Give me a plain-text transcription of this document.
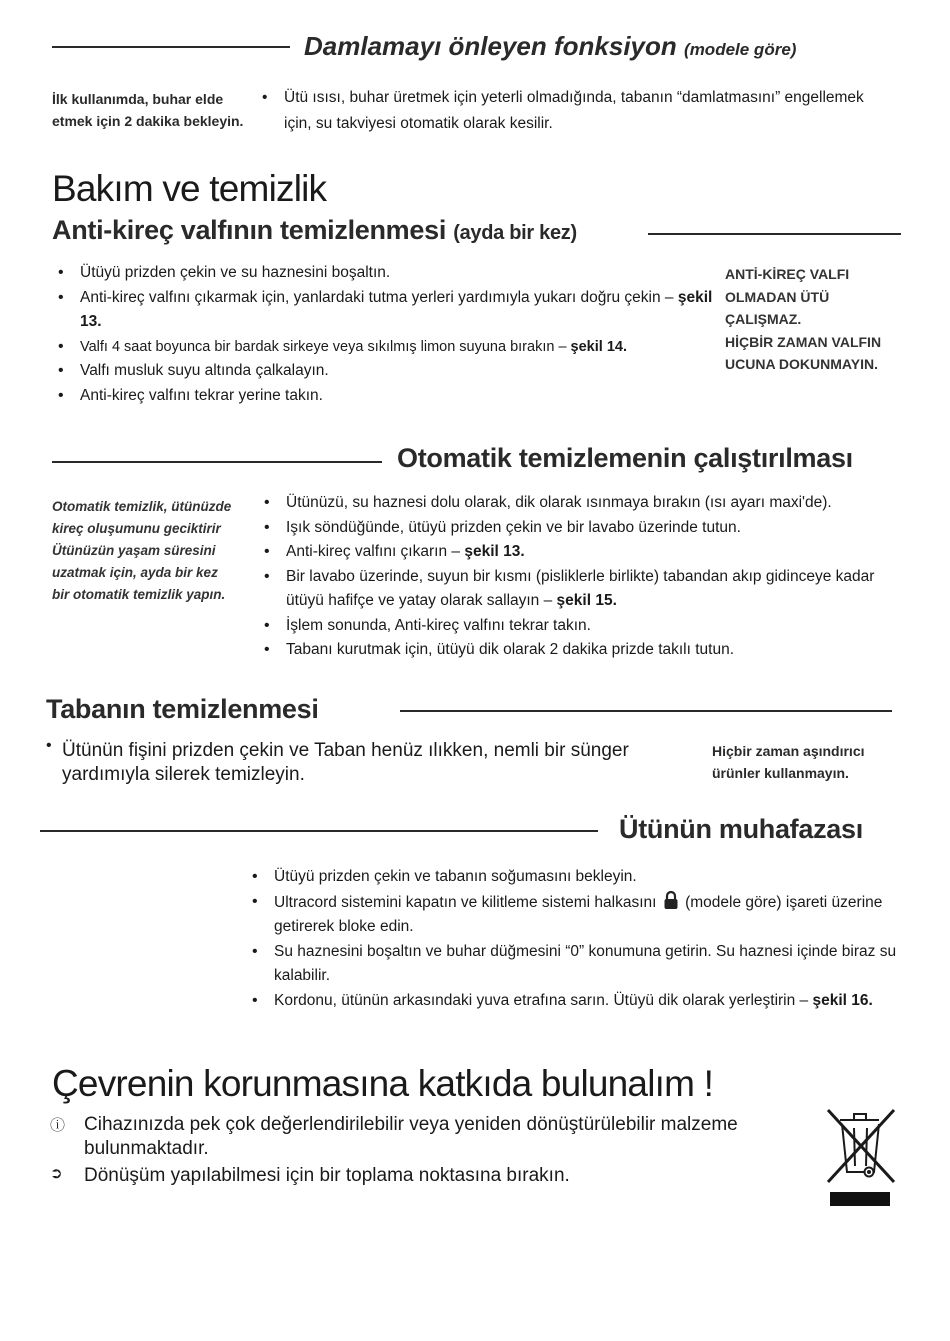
Damlamayı önleyen fonksiyon (modele göre)
İlk kullanımda, buhar elde
etmek için 2 dakika bekleyin.
• Ütü ısısı, buhar üretmek için yeterli olmadığında, tabanın “damlatmasını” engellemek
için, su takviyesi otomatik olarak kesilir.
Bakım ve temizlik
Anti-kireç valfının temizlenmesi (ayda bir kez)
• Ütüyü prizden çekin ve su haznesini boşaltın.
• Anti-kireç valfını çıkarmak için, yanlardaki tutma yerleri yardımıyla yukarı doğru çekin – şekil 13.
• Valfı 4 saat boyunca bir bardak sirkeye veya sıkılmış limon suyuna bırakın – şekil 14.
• Valfı musluk suyu altında çalkalayın.
• Anti-kireç valfını tekrar yerine takın.
ANTİ-KİREÇ VALFI
OLMADAN ÜTÜ
ÇALIŞMAZ.
HİÇBİR ZAMAN VALFIN
UCUNA DOKUNMAYIN.
Otomatik temizlemenin çalıştırılması
Otomatik temizlik, ütünüzde
kireç oluşumunu geciktirir
Ütünüzün yaşam süresini
uzatmak için, ayda bir kez
bir otomatik temizlik yapın.
• Ütünüzü, su haznesi dolu olarak, dik olarak ısınmaya bırakın (ısı ayarı maxi'de).
• Işık söndüğünde, ütüyü prizden çekin ve bir lavabo üzerinde tutun.
• Anti-kireç valfını çıkarın – şekil 13.
• Bir lavabo üzerinde, suyun bir kısmı (pisliklerle birlikte) tabandan akıp gidinceye kadar ütüyü hafifçe ve yatay olarak sallayın – şekil 15.
• İşlem sonunda, Anti-kireç valfını tekrar takın.
• Tabanı kurutmak için, ütüyü dik olarak 2 dakika prizde takılı tutun.
Tabanın temizlenmesi
• Ütünün fişini prizden çekin ve Taban henüz ılıkken, nemli bir sünger yardımıyla silerek temizleyin.
Hiçbir zaman aşındırıcı
ürünler kullanmayın.
Ütünün muhafazası
• Ütüyü prizden çekin ve tabanın soğumasını bekleyin.
• Ultracord sistemini kapatın ve kilitleme sistemi halkasını (modele göre) işareti üzerine getirerek bloke edin.
• Su haznesini boşaltın ve buhar düğmesini “0” konumuna getirin. Su haznesi içinde biraz su kalabilir.
• Kordonu, ütünün arkasındaki yuva etrafına sarın. Ütüyü dik olarak yerleştirin – şekil 16.
Çevrenin korunmasına katkıda bulunalım !
ⓘ Cihazınızda pek çok değerlendirilebilir veya yeniden dönüştürülebilir malzeme bulunmaktadır.
➲ Dönüşüm yapılabilmesi için bir toplama noktasına bırakın.
